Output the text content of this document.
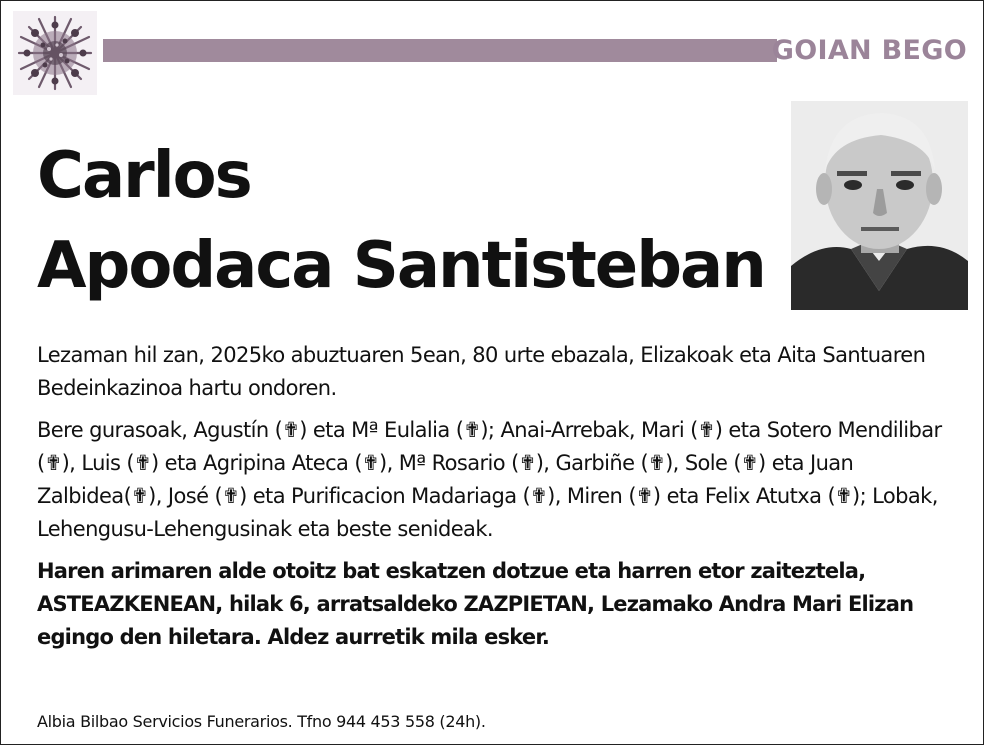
GOIAN BEGO
Carlos
Apodaca Santisteban

Lezaman hil zan, 2025ko abuztuaren 5ean, 80 urte ebazala, Elizakoak eta Aita Santuaren Bedeinkazinoa hartu ondoren.

Bere gurasoak, Agustín (✟) eta Mª Eulalia (✟); Anai-Arrebak, Mari (✟) eta Sotero Mendilibar (✟), Luis (✟) eta Agripina Ateca (✟), Mª Rosario (✟), Garbiñe (✟), Sole (✟) eta Juan Zalbidea(✟), José (✟) eta Purificacion Madariaga (✟), Miren (✟) eta Felix Atutxa (✟); Lobak, Lehengusu-Lehengusinak eta beste senideak.

Haren arimaren alde otoitz bat eskatzen dotzue eta harren etor zaiteztela, ASTEAZKENEAN, hilak 6, arratsaldeko ZAZPIETAN, Lezamako Andra Mari Elizan egingo den hiletara. Aldez aurretik mila esker.

Albia Bilbao Servicios Funerarios. Tfno 944 453 558 (24h).
